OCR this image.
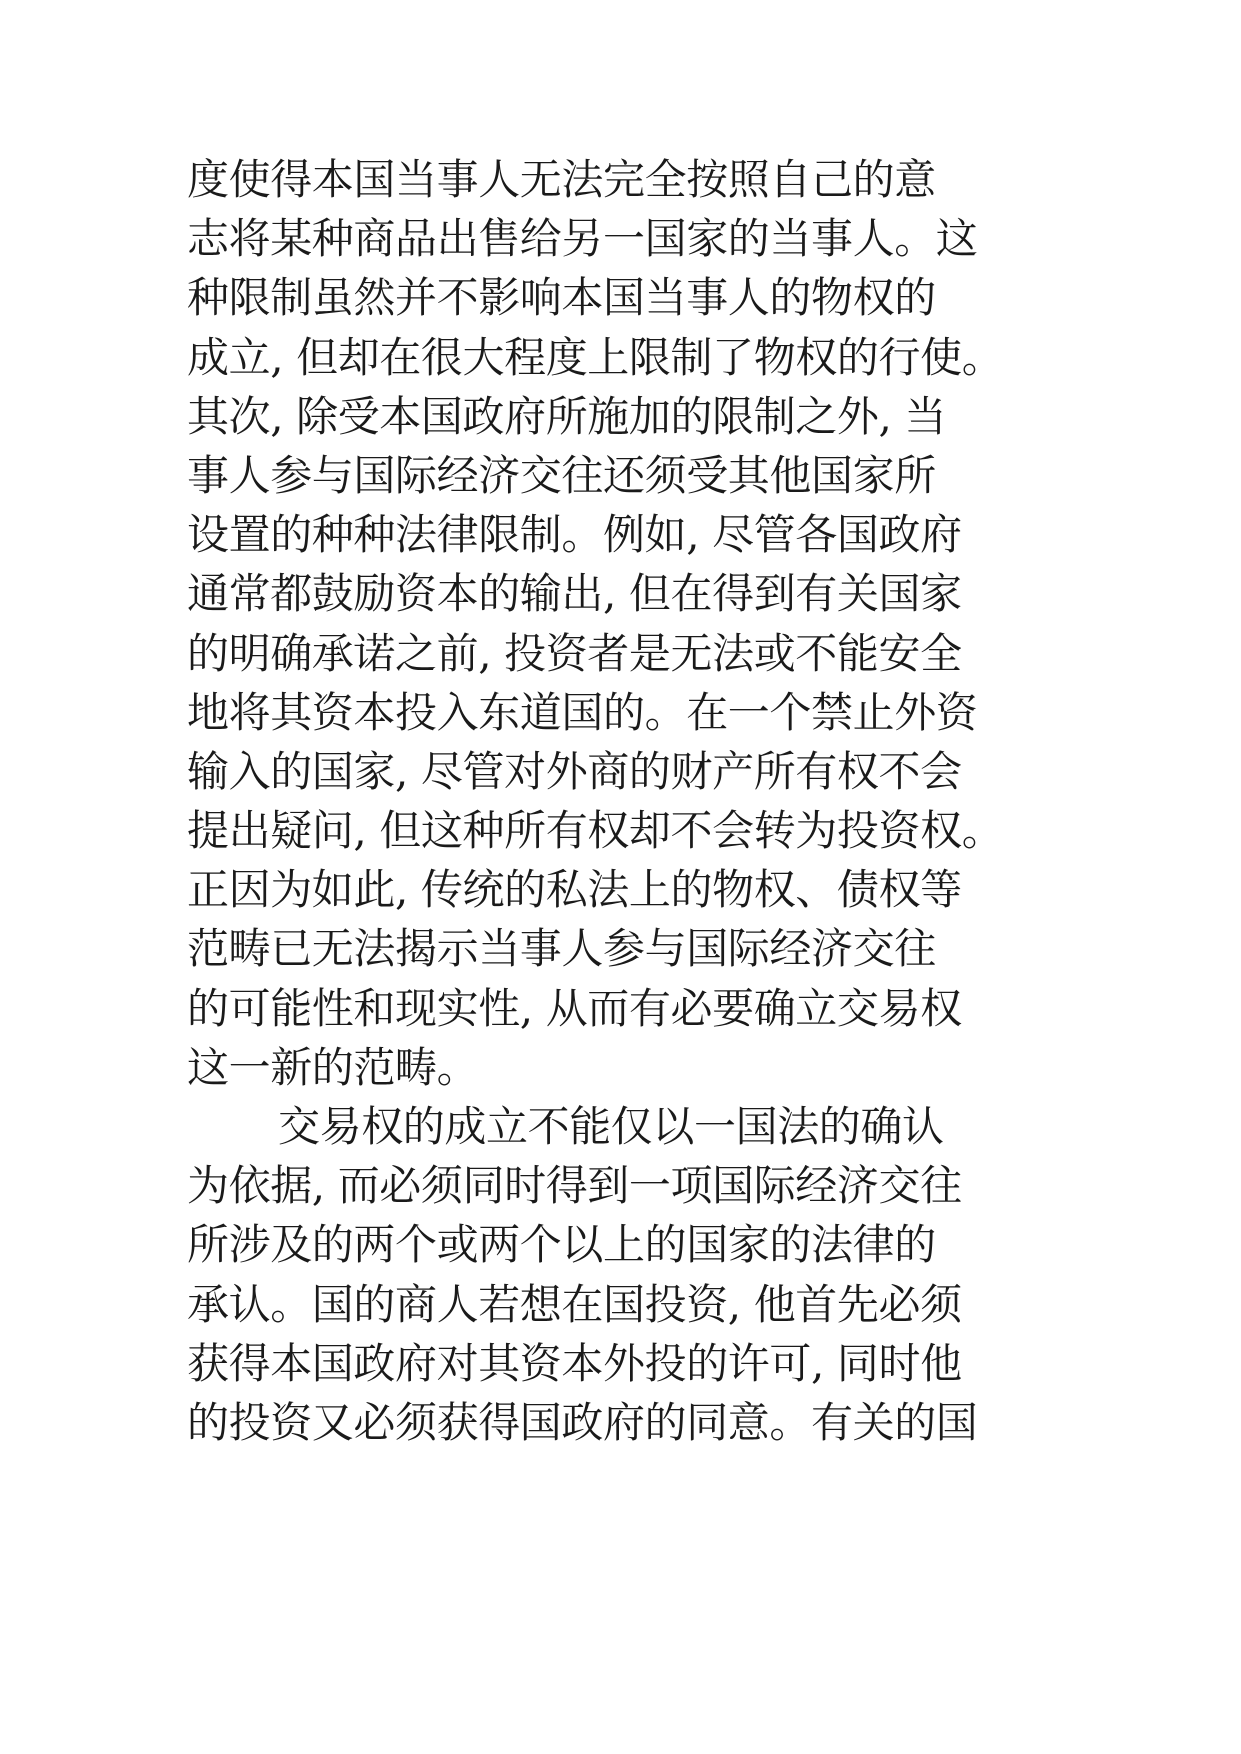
度使得本国当事人无法完全按照自己的意
志将某种商品出售给另一国家的当事人。这
种限制虽然并不影响本国当事人的物权的
成立, 但却在很大程度上限制了物权的行使。
其次, 除受本国政府所施加的限制之外, 当
事人参与国际经济交往还须受其他国家所
设置的种种法律限制。例如, 尽管各国政府
通常都鼓励资本的输出, 但在得到有关国家
的明确承诺之前, 投资者是无法或不能安全
地将其资本投入东道国的。在一个禁止外资
输入的国家, 尽管对外商的财产所有权不会
提出疑问, 但这种所有权却不会转为投资权。
正因为如此, 传统的私法上的物权、债权等
范畴已无法揭示当事人参与国际经济交往
的可能性和现实性, 从而有必要确立交易权
这一新的范畴。
交易权的成立不能仅以一国法的确认
为依据, 而必须同时得到一项国际经济交往
所涉及的两个或两个以上的国家的法律的
承认。国的商人若想在国投资, 他首先必须
获得本国政府对其资本外投的许可, 同时他
的投资又必须获得国政府的同意。有关的国
